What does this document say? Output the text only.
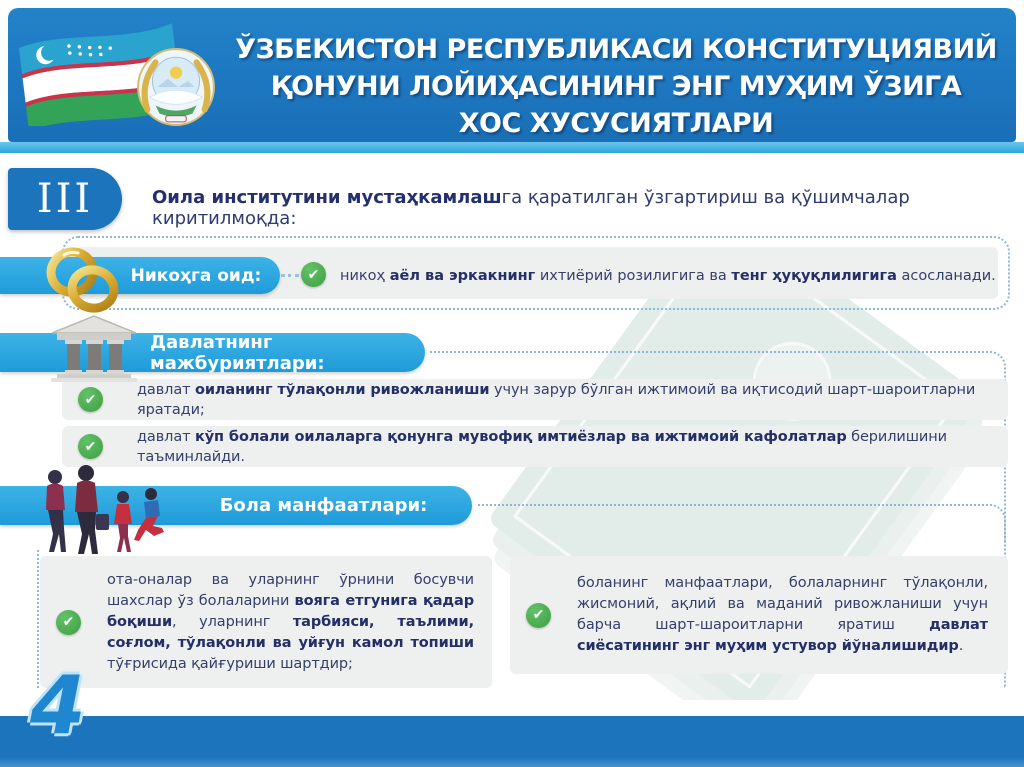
ЎЗБЕКИСТОН РЕСПУБЛИКАСИ КОНСТИТУЦИЯВИЙ
ҚОНУНИ ЛОЙИҲАСИНИНГ ЭНГ МУҲИМ ЎЗИГА
ХОС ХУСУСИЯТЛАРИ
III	Оила институтини мустаҳкамлашга қаратилган ўзгартириш ва қўшимчалар киритилмоқда:
Никоҳга оид: ✔	никоҳ аёл ва эркакнинг ихтиёрий розилигига ва тенг ҳуқуқлилигига асосланади.
Давлатнинг мажбуриятлари:
✔
давлат оиланинг тўлақонли ривожланиши учун зарур бўлган ижтимоий ва иқтисодий шарт-шароитларни яратади;
✔
давлат кўп болали оилаларга қонунга мувофиқ имтиёзлар ва ижтимоий кафолатлар берилишини таъминлайди.
Бола манфаатлари:
✔
ота-оналар ва уларнинг ўрнини босувчи шахслар ўз болаларини вояга етгунига қадар боқиши, уларнинг тарбияси, таълими, соғлом, тўлақонли ва уйғун камол топиши тўғрисида қайғуриши шартдир;
✔
боланинг манфаатлари, болаларнинг тўлақонли, жисмоний, ақлий ва маданий ривожланиши учун барча шарт-шароитларни яратиш давлат сиёсатининг энг муҳим устувор йўналишидир.
4
